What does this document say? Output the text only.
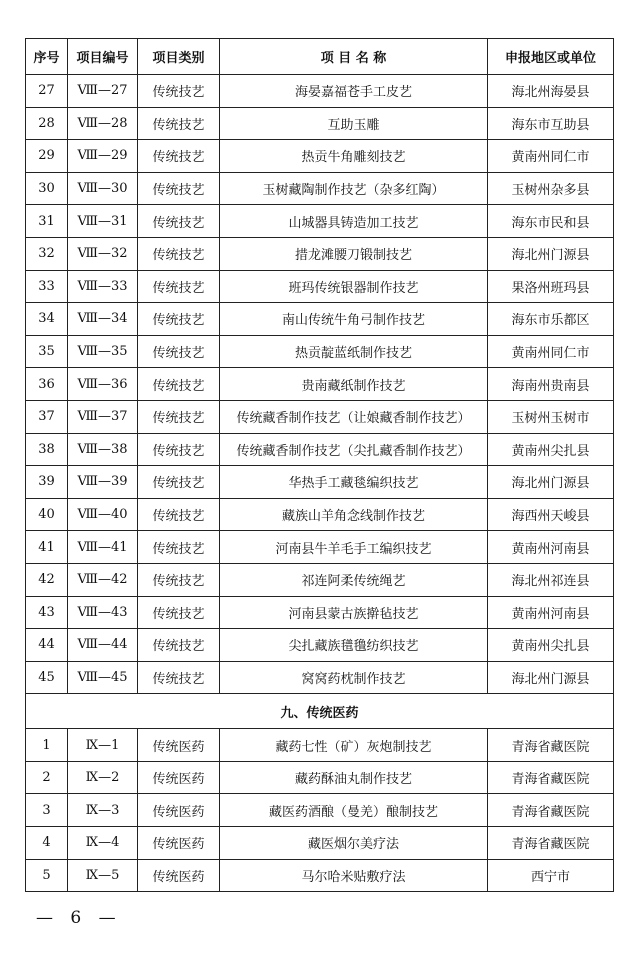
序号	项目编号	项目类别	项 目 名 称	申报地区或单位
27	Ⅷ—27	传统技艺	海晏嘉福苍手工皮艺	海北州海晏县
28	Ⅷ—28	传统技艺	互助玉雕	海东市互助县
29	Ⅷ—29	传统技艺	热贡牛角雕刻技艺	黄南州同仁市
30	Ⅷ—30	传统技艺	玉树藏陶制作技艺（杂多红陶）	玉树州杂多县
31	Ⅷ—31	传统技艺	山城器具铸造加工技艺	海东市民和县
32	Ⅷ—32	传统技艺	措龙滩腰刀锻制技艺	海北州门源县
33	Ⅷ—33	传统技艺	班玛传统银器制作技艺	果洛州班玛县
34	Ⅷ—34	传统技艺	南山传统牛角弓制作技艺	海东市乐都区
35	Ⅷ—35	传统技艺	热贡靛蓝纸制作技艺	黄南州同仁市
36	Ⅷ—36	传统技艺	贵南藏纸制作技艺	海南州贵南县
37	Ⅷ—37	传统技艺	传统藏香制作技艺（让娘藏香制作技艺）	玉树州玉树市
38	Ⅷ—38	传统技艺	传统藏香制作技艺（尖扎藏香制作技艺）	黄南州尖扎县
39	Ⅷ—39	传统技艺	华热手工藏毯编织技艺	海北州门源县
40	Ⅷ—40	传统技艺	藏族山羊角念线制作技艺	海西州天峻县
41	Ⅷ—41	传统技艺	河南县牛羊毛手工编织技艺	黄南州河南县
42	Ⅷ—42	传统技艺	祁连阿柔传统绳艺	海北州祁连县
43	Ⅷ—43	传统技艺	河南县蒙古族擀毡技艺	黄南州河南县
44	Ⅷ—44	传统技艺	尖扎藏族氆氇纺织技艺	黄南州尖扎县
45	Ⅷ—45	传统技艺	窝窝药枕制作技艺	海北州门源县
九、传统医药				
1	Ⅸ—1	传统医药	藏药七性（矿）灰炮制技艺	青海省藏医院
2	Ⅸ—2	传统医药	藏药酥油丸制作技艺	青海省藏医院
3	Ⅸ—3	传统医药	藏医药酒酿（曼羌）酿制技艺	青海省藏医院
4	Ⅸ—4	传统医药	藏医烟尔美疗法	青海省藏医院
5	Ⅸ—5	传统医药	马尔哈米贴敷疗法	西宁市
— 6 —
